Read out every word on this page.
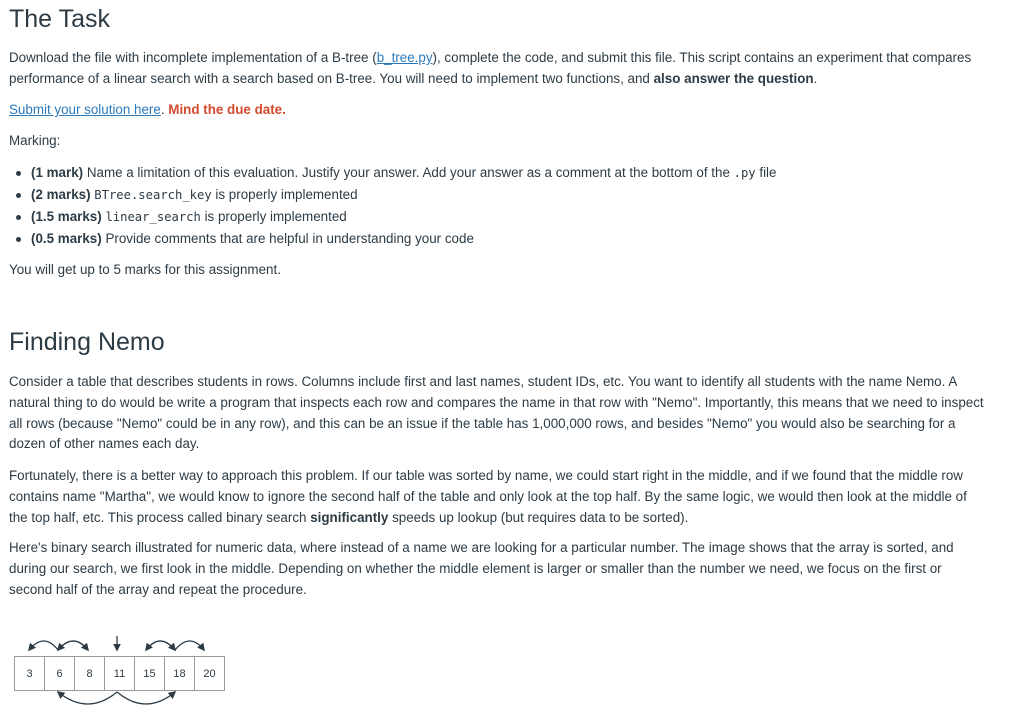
The Task

Download the file with incomplete implementation of a B-tree (b_tree.py), complete the code, and submit this file. This script contains an experiment that compares performance of a linear search with a search based on B-tree. You will need to implement two functions, and also answer the question.

Submit your solution here. Mind the due date.

Marking:

(1 mark) Name a limitation of this evaluation. Justify your answer. Add your answer as a comment at the bottom of the .py file
(2 marks) BTree.search_key is properly implemented
(1.5 marks) linear_search is properly implemented
(0.5 marks) Provide comments that are helpful in understanding your code

You will get up to 5 marks for this assignment.

Finding Nemo

Consider a table that describes students in rows. Columns include first and last names, student IDs, etc. You want to identify all students with the name Nemo. A natural thing to do would be write a program that inspects each row and compares the name in that row with "Nemo". Importantly, this means that we need to inspect all rows (because "Nemo" could be in any row), and this can be an issue if the table has 1,000,000 rows, and besides "Nemo" you would also be searching for a dozen of other names each day.

Fortunately, there is a better way to approach this problem. If our table was sorted by name, we could start right in the middle, and if we found that the middle row contains name "Martha", we would know to ignore the second half of the table and only look at the top half. By the same logic, we would then look at the middle of the top half, etc. This process called binary search significantly speeds up lookup (but requires data to be sorted).

Here's binary search illustrated for numeric data, where instead of a name we are looking for a particular number. The image shows that the array is sorted, and during our search, we first look in the middle. Depending on whether the middle element is larger or smaller than the number we need, we focus on the first or second half of the array and repeat the procedure.

3	6	8	11	15	18	20
